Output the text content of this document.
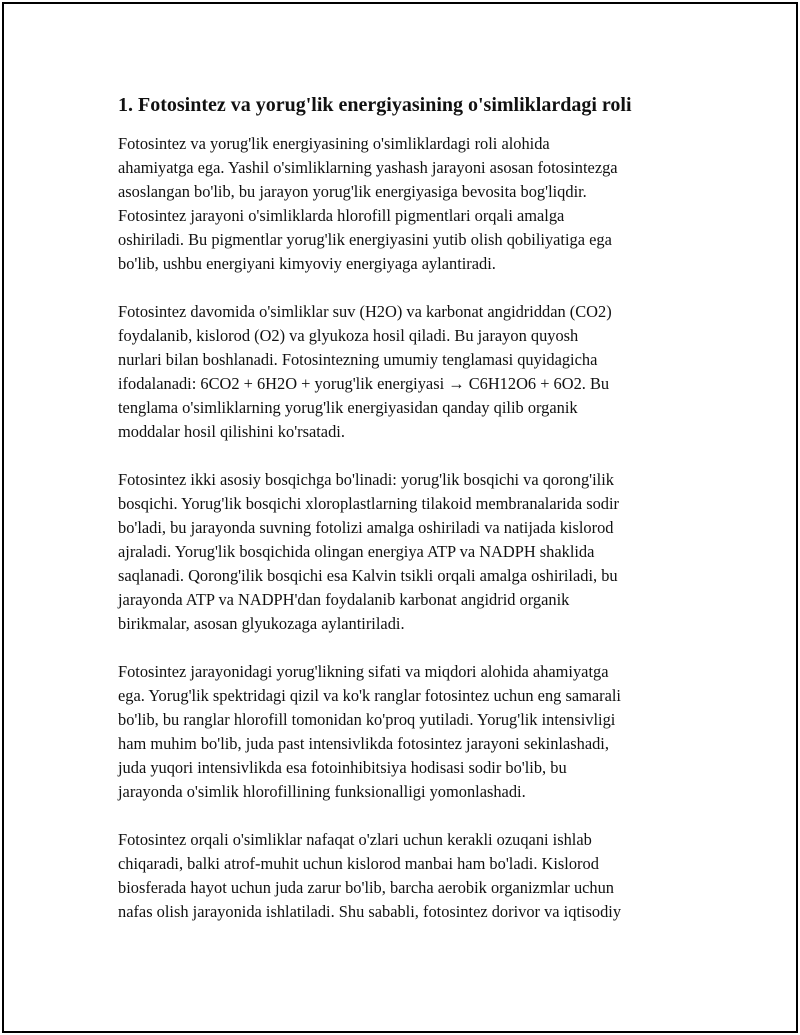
1. Fotosintez va yorug'lik energiyasining o'simliklardagi roli
Fotosintez va yorug'lik energiyasining o'simliklardagi roli alohida
ahamiyatga ega. Yashil o'simliklarning yashash jarayoni asosan fotosintezga
asoslangan bo'lib, bu jarayon yorug'lik energiyasiga bevosita bog'liqdir.
Fotosintez jarayoni o'simliklarda hlorofill pigmentlari orqali amalga
oshiriladi. Bu pigmentlar yorug'lik energiyasini yutib olish qobiliyatiga ega
bo'lib, ushbu energiyani kimyoviy energiyaga aylantiradi.
Fotosintez davomida o'simliklar suv (H2O) va karbonat angidriddan (CO2)
foydalanib, kislorod (O2) va glyukoza hosil qiladi. Bu jarayon quyosh
nurlari bilan boshlanadi. Fotosintezning umumiy tenglamasi quyidagicha
ifodalanadi: 6CO2 + 6H2O + yorug'lik energiyasi → C6H12O6 + 6O2. Bu
tenglama o'simliklarning yorug'lik energiyasidan qanday qilib organik
moddalar hosil qilishini ko'rsatadi.
Fotosintez ikki asosiy bosqichga bo'linadi: yorug'lik bosqichi va qorong'ilik
bosqichi. Yorug'lik bosqichi xloroplastlarning tilakoid membranalarida sodir
bo'ladi, bu jarayonda suvning fotolizi amalga oshiriladi va natijada kislorod
ajraladi. Yorug'lik bosqichida olingan energiya ATP va NADPH shaklida
saqlanadi. Qorong'ilik bosqichi esa Kalvin tsikli orqali amalga oshiriladi, bu
jarayonda ATP va NADPH'dan foydalanib karbonat angidrid organik
birikmalar, asosan glyukozaga aylantiriladi.
Fotosintez jarayonidagi yorug'likning sifati va miqdori alohida ahamiyatga
ega. Yorug'lik spektridagi qizil va ko'k ranglar fotosintez uchun eng samarali
bo'lib, bu ranglar hlorofill tomonidan ko'proq yutiladi. Yorug'lik intensivligi
ham muhim bo'lib, juda past intensivlikda fotosintez jarayoni sekinlashadi,
juda yuqori intensivlikda esa fotoinhibitsiya hodisasi sodir bo'lib, bu
jarayonda o'simlik hlorofillining funksionalligi yomonlashadi.
Fotosintez orqali o'simliklar nafaqat o'zlari uchun kerakli ozuqani ishlab
chiqaradi, balki atrof-muhit uchun kislorod manbai ham bo'ladi. Kislorod
biosferada hayot uchun juda zarur bo'lib, barcha aerobik organizmlar uchun
nafas olish jarayonida ishlatiladi. Shu sababli, fotosintez dorivor va iqtisodiy
